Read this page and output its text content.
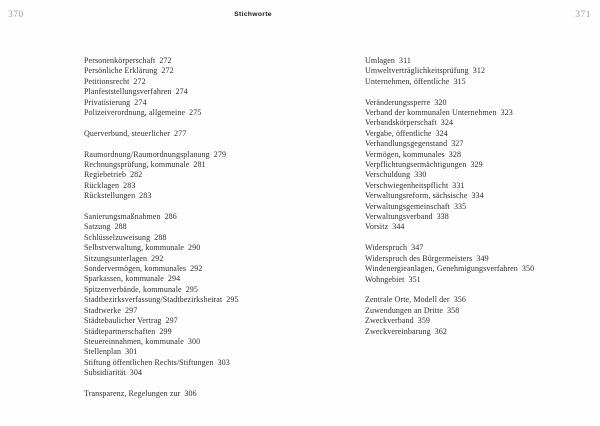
370	Stichworte	371
Personenkörperschaft 272
Persönliche Erklärung 272
Petitionsrecht 272
Planfeststellungsverfahren 274
Privatisierung 274
Polizeiverordnung, allgemeine 275
Querverbund, steuerlicher 277
Raumordnung/Raumordnungsplanung 279
Rechnungsprüfung, kommunale 281
Regiebetrieb 282
Rücklagen 283
Rückstellungen 283
Sanierungsmaßnahmen 286
Satzung 288
Schlüsselzuweisung 288
Selbstverwaltung, kommunale 290
Sitzungsunterlagen 292
Sondervermögen, kommunales 292
Sparkassen, kommunale 294
Spitzenverbände, kommunale 295
Stadtbezirksverfassung/Stadtbezirksbeirat 295
Stadtwerke 297
Städtebaulicher Vertrag 297
Städtepartnerschaften 299
Steuereinnahmen, kommunale 300
Stellenplan 301
Stiftung öffentlichen Rechts/Stiftungen 303
Subsidiarität 304
Transparenz, Regelungen zur 306
Umlagen 311
Umweltverträglichkeitsprüfung 312
Unternehmen, öffentliche 315
Veränderungssperre 320
Verband der kommunalen Unternehmen 323
Verbandskörperschaft 324
Vergabe, öffentliche 324
Verhandlungsgegenstand 327
Vermögen, kommunales 328
Verpflichtungsermächtigungen 329
Verschuldung 330
Verschwiegenheitspflicht 331
Verwaltungsreform, sächsische 334
Verwaltungsgemeinschaft 335
Verwaltungsverband 338
Vorsitz 344
Widerspruch 347
Widerspruch des Bürgermeisters 349
Windenergieanlagen, Genehmigungsverfahren 350
Wohngebiet 351
Zentrale Orte, Modell der 356
Zuwendungen an Dritte 358
Zweckverband 359
Zweckvereinbarung 362
